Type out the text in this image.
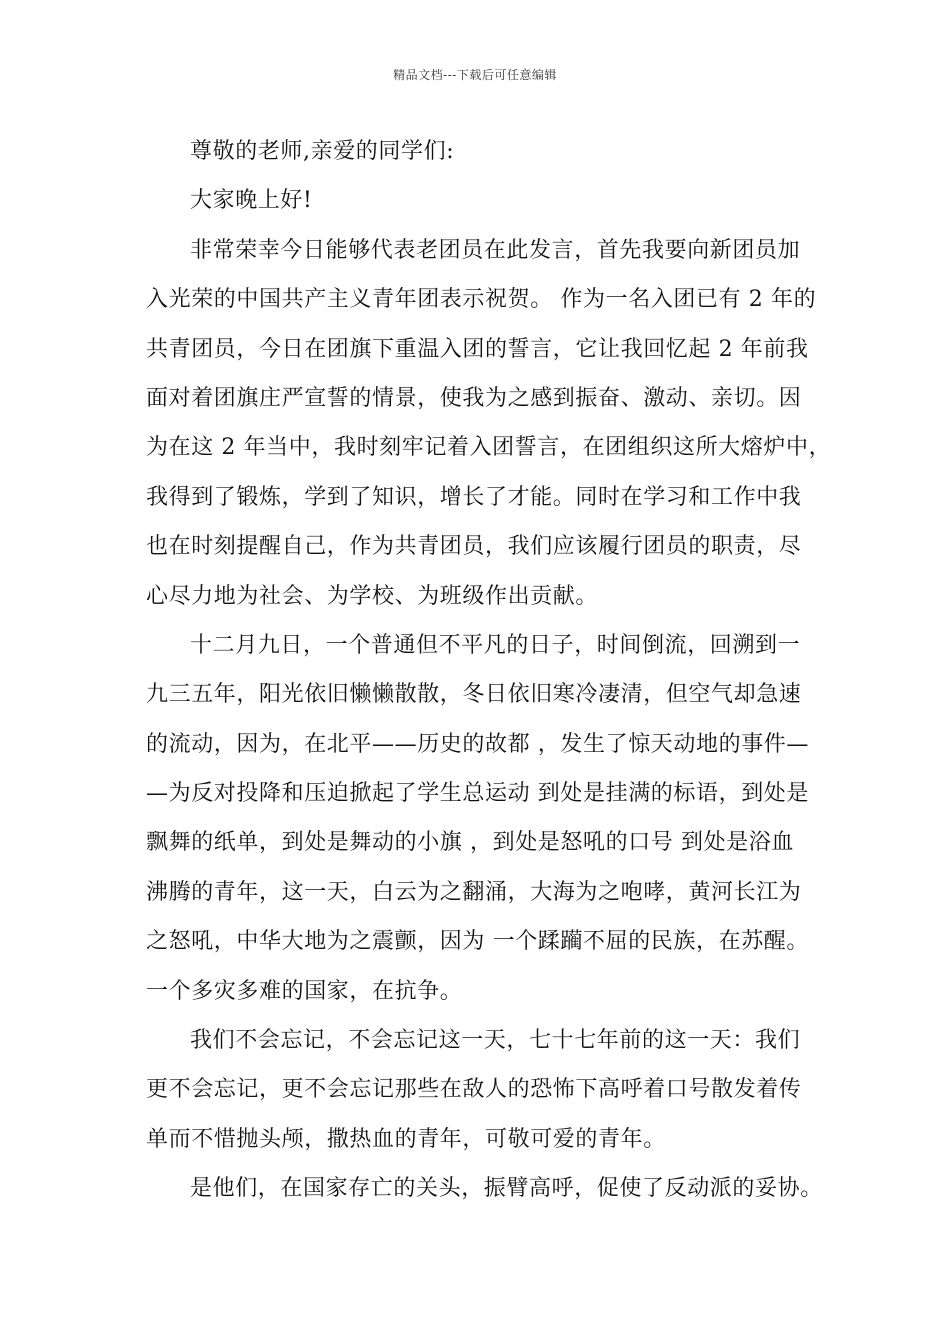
精品文档---下载后可任意编辑
尊敬的老师,亲爱的同学们:
大家晚上好!
非常荣幸今日能够代表老团员在此发言，首先我要向新团员加
入光荣的中国共产主义青年团表示祝贺。 作为一名入团已有 2 年的
共青团员，今日在团旗下重温入团的誓言，它让我回忆起 2 年前我
面对着团旗庄严宣誓的情景，使我为之感到振奋、激动、亲切。因
为在这 2 年当中，我时刻牢记着入团誓言，在团组织这所大熔炉中，
我得到了锻炼，学到了知识，增长了才能。同时在学习和工作中我
也在时刻提醒自己，作为共青团员，我们应该履行团员的职责，尽
心尽力地为社会、为学校、为班级作出贡献。
十二月九日，一个普通但不平凡的日子，时间倒流，回溯到一
九三五年，阳光依旧懒懒散散，冬日依旧寒冷凄清，但空气却急速
的流动，因为，在北平——历史的故都 ，发生了惊天动地的事件—
—为反对投降和压迫掀起了学生总运动 到处是挂满的标语，到处是
飘舞的纸单，到处是舞动的小旗 ，到处是怒吼的口号 到处是浴血
沸腾的青年，这一天，白云为之翻涌，大海为之咆哮，黄河长江为
之怒吼，中华大地为之震颤，因为 一个蹂躏不屈的民族，在苏醒。
一个多灾多难的国家，在抗争。
我们不会忘记，不会忘记这一天，七十七年前的这一天：我们
更不会忘记，更不会忘记那些在敌人的恐怖下高呼着口号散发着传
单而不惜抛头颅，撒热血的青年，可敬可爱的青年。
是他们，在国家存亡的关头，振臂高呼，促使了反动派的妥协。
